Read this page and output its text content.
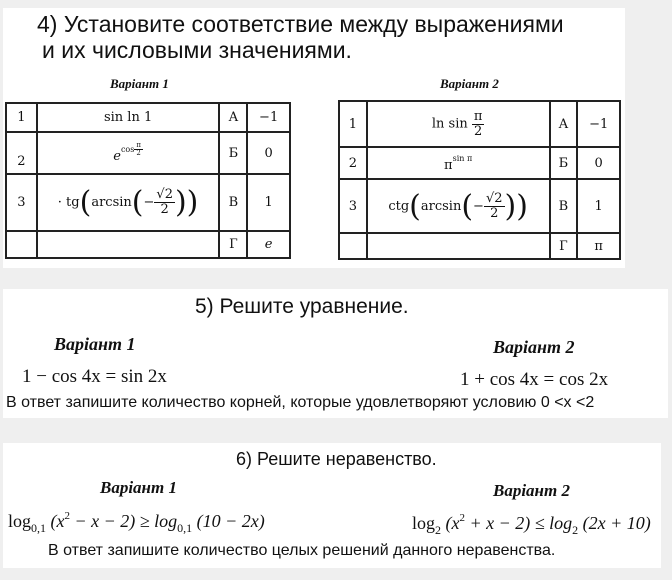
4) Установите соответствие между выражениями
и их числовыми значениями.
Варіант 1	Варіант 2
1	sin ln 1	А	−1
2	$e^{cos \frac{\pi}{2}}$	Б	0
3	· $tg(\arcsin(- \frac{√2}{2}$ ))	В	1
		Г	e
1	$\ln \sin \frac{\pi}{2}$	А	−1
2	$\pi^{sin \pi}$	Б	0
3	$ctg(\arcsin(- \frac{√2}{2}$ ))	В	1
		Г	π
5) Решите уравнение.
Варіант 1	Варіант 2
1 − cos 4x = sin 2x	1 + cos 4x = cos 2x
В ответ запишите количество корней, которые удовлетворяют условию 0 <x <2
6) Решите неравенство.
Варіант 1	Варіант 2
$\log_{0,1} (x^2 - x - 2) \ge \log_{0,1} (10 - 2x)$	$\log_2 (x^2 + x - 2) \le \log_2 (2x + 10)$
В ответ запишите количество целых решений данного неравенства.
